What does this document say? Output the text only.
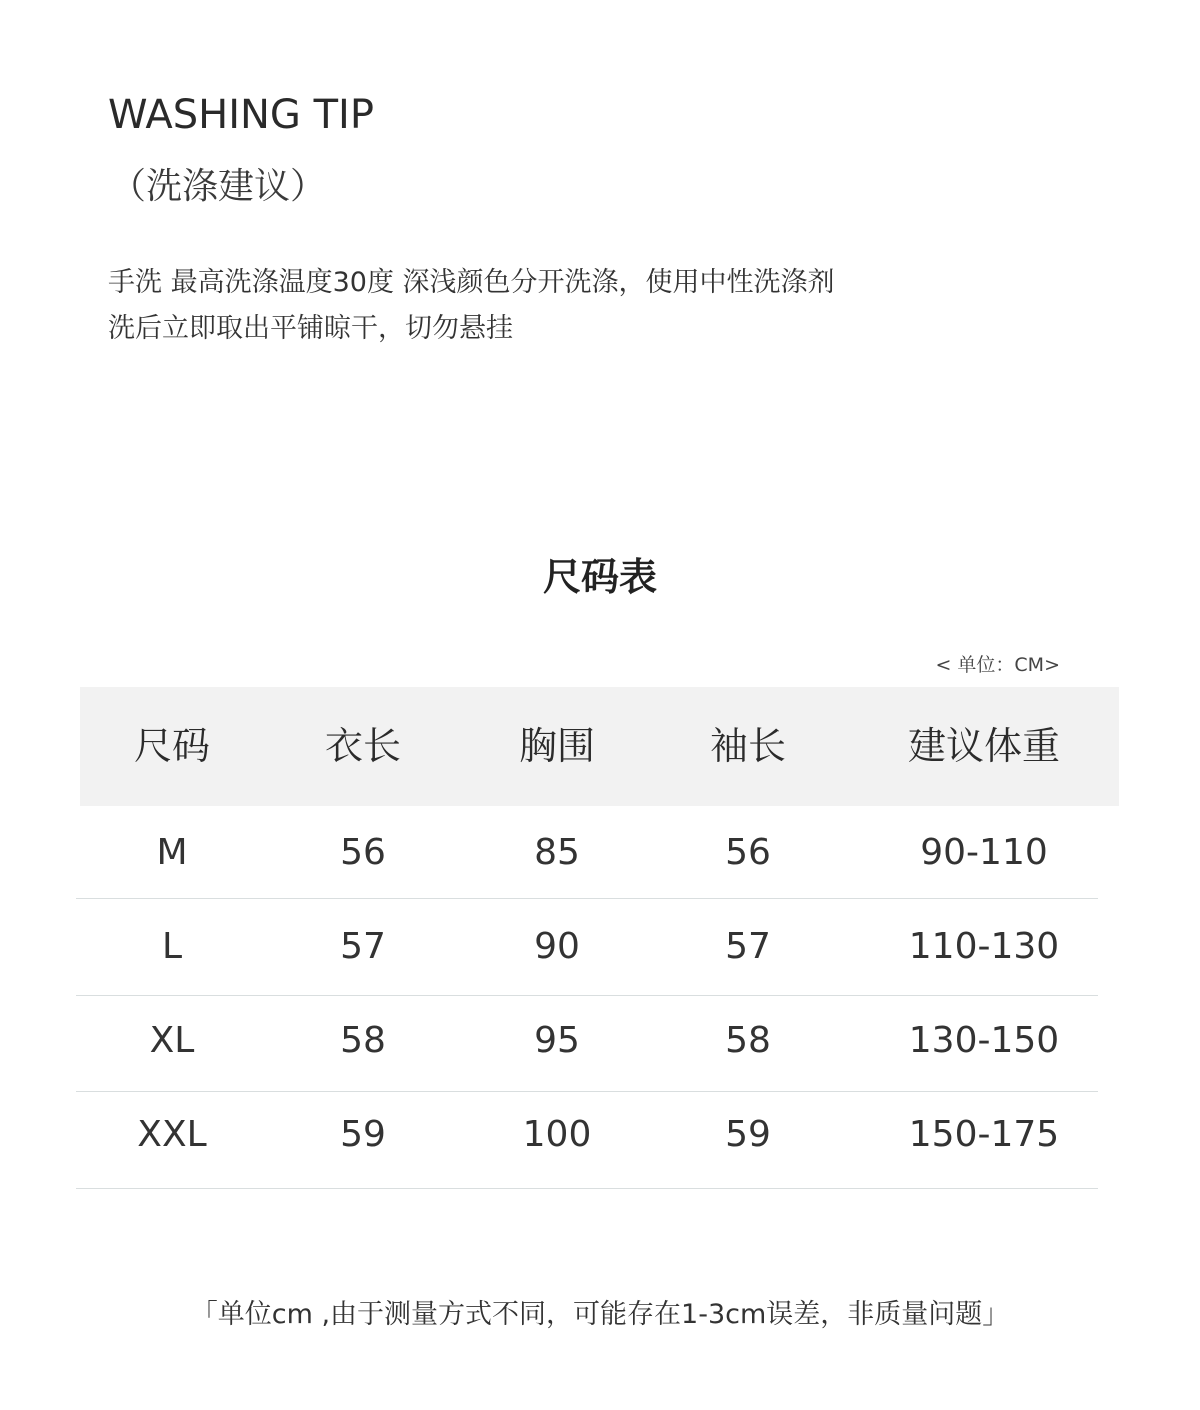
WASHING TIP
（洗涤建议）
手洗 最高洗涤温度30度 深浅颜色分开洗涤，使用中性洗涤剂
洗后立即取出平铺晾干，切勿悬挂
尺码表
< 单位：CM>
尺码	衣长	胸围	袖长	建议体重
M	56	85	56	90-110
L	57	90	57	110-130
XL	58	95	58	130-150
XXL	59	100	59	150-175
「单位cm ,由于测量方式不同，可能存在1-3cm误差，非质量问题」
